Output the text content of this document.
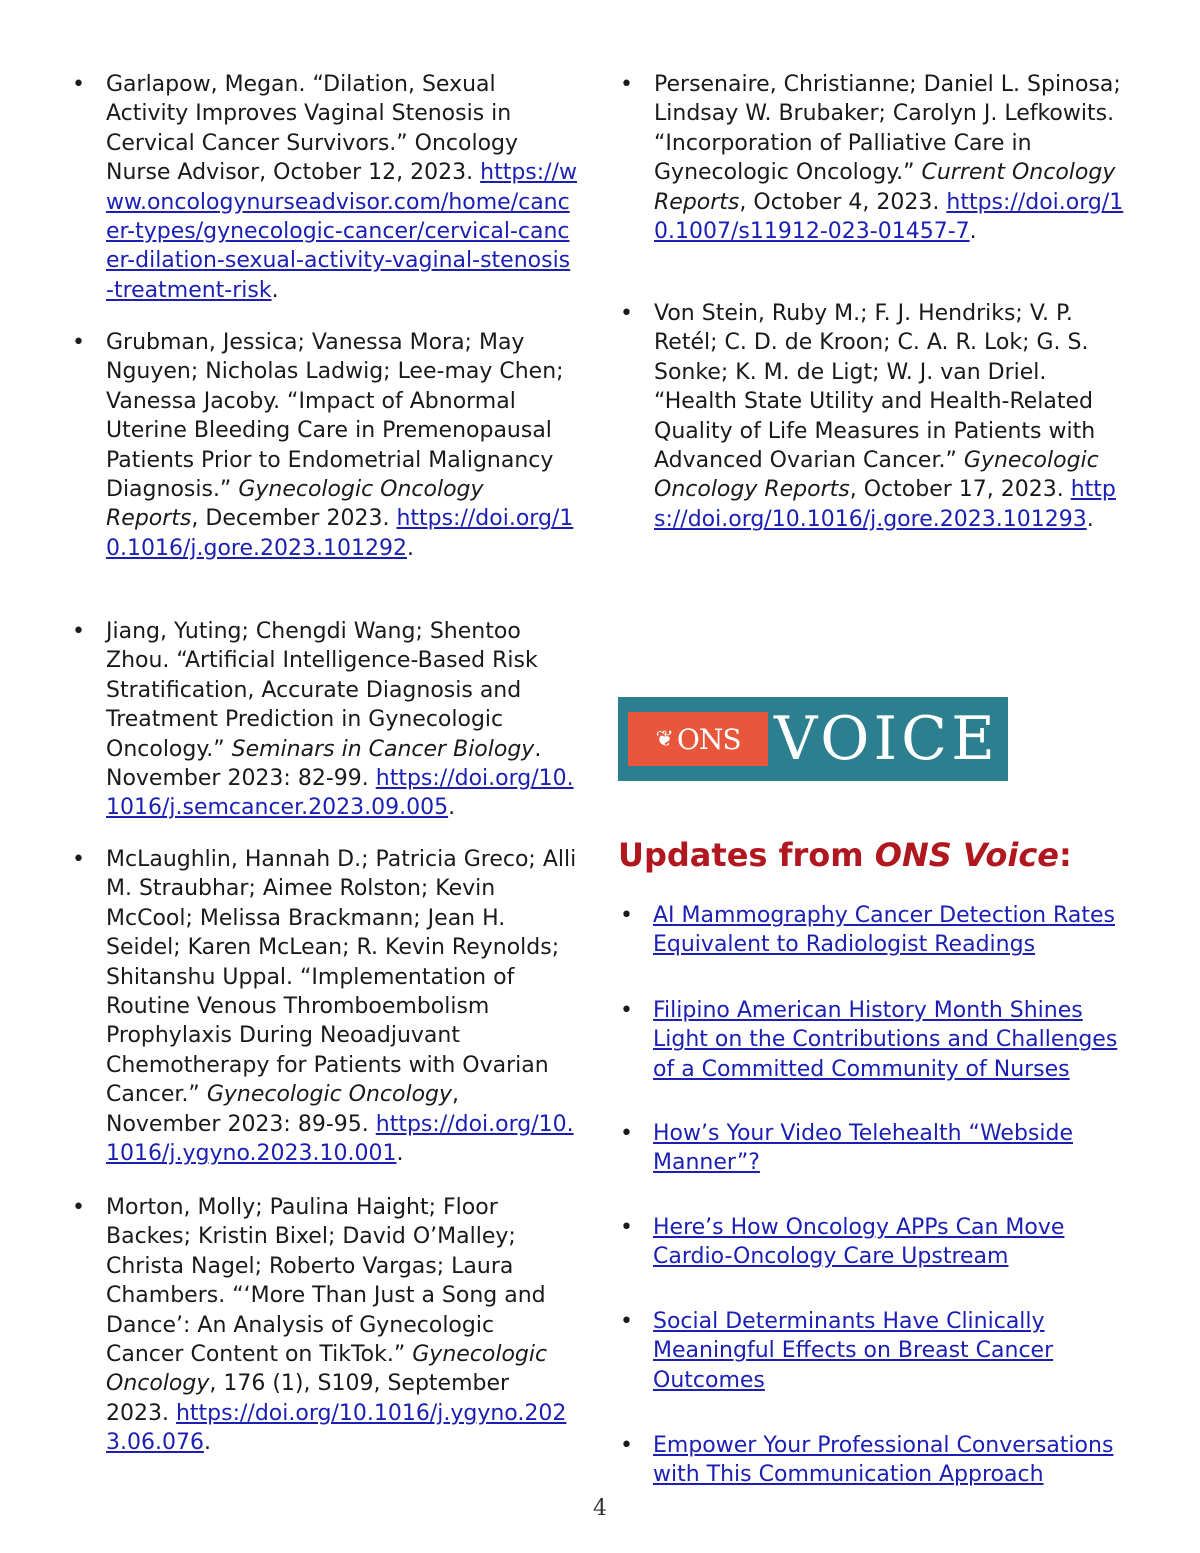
• Garlapow, Megan. “Dilation, Sexual Activity Improves Vaginal Stenosis in Cervical Cancer Survivors.” Oncology Nurse Advisor, October 12, 2023. https://www.oncologynurseadvisor.com/home/cancer-types/gynecologic-cancer/cervical-cancer-dilation-sexual-activity-vaginal-stenosis-treatment-risk.
• Grubman, Jessica; Vanessa Mora; May Nguyen; Nicholas Ladwig; Lee-may Chen; Vanessa Jacoby. “Impact of Abnormal Uterine Bleeding Care in Premenopausal Patients Prior to Endometrial Malignancy Diagnosis.” Gynecologic Oncology Reports, December 2023. https://doi.org/10.1016/j.gore.2023.101292.
• Jiang, Yuting; Chengdi Wang; Shentoo Zhou. “Artificial Intelligence-Based Risk Stratification, Accurate Diagnosis and Treatment Prediction in Gynecologic Oncology.” Seminars in Cancer Biology. November 2023: 82-99. https://doi.org/10.1016/j.semcancer.2023.09.005.
• McLaughlin, Hannah D.; Patricia Greco; Alli M. Straubhar; Aimee Rolston; Kevin McCool; Melissa Brackmann; Jean H. Seidel; Karen McLean; R. Kevin Reynolds; Shitanshu Uppal. “Implementation of Routine Venous Thromboembolism Prophylaxis During Neoadjuvant Chemotherapy for Patients with Ovarian Cancer.” Gynecologic Oncology, November 2023: 89-95. https://doi.org/10.1016/j.ygyno.2023.10.001.
• Morton, Molly; Paulina Haight; Floor Backes; Kristin Bixel; David O’Malley; Christa Nagel; Roberto Vargas; Laura Chambers. “‘More Than Just a Song and Dance’: An Analysis of Gynecologic Cancer Content on TikTok.” Gynecologic Oncology, 176 (1), S109, September 2023. https://doi.org/10.1016/j.ygyno.2023.06.076.
• Persenaire, Christianne; Daniel L. Spinosa; Lindsay W. Brubaker; Carolyn J. Lefkowits. “Incorporation of Palliative Care in Gynecologic Oncology.” Current Oncology Reports, October 4, 2023. https://doi.org/10.1007/s11912-023-01457-7.
• Von Stein, Ruby M.; F. J. Hendriks; V. P. Retél; C. D. de Kroon; C. A. R. Lok; G. S. Sonke; K. M. de Ligt; W. J. van Driel. “Health State Utility and Health-Related Quality of Life Measures in Patients with Advanced Ovarian Cancer.” Gynecologic Oncology Reports, October 17, 2023. https://doi.org/10.1016/j.gore.2023.101293.
❦ ONS VOICE
Updates from ONS Voice:
• AI Mammography Cancer Detection Rates Equivalent to Radiologist Readings
• Filipino American History Month Shines Light on the Contributions and Challenges of a Committed Community of Nurses
• How’s Your Video Telehealth “Webside Manner”?
• Here’s How Oncology APPs Can Move Cardio-Oncology Care Upstream
• Social Determinants Have Clinically Meaningful Effects on Breast Cancer Outcomes
• Empower Your Professional Conversations with This Communication Approach
4
